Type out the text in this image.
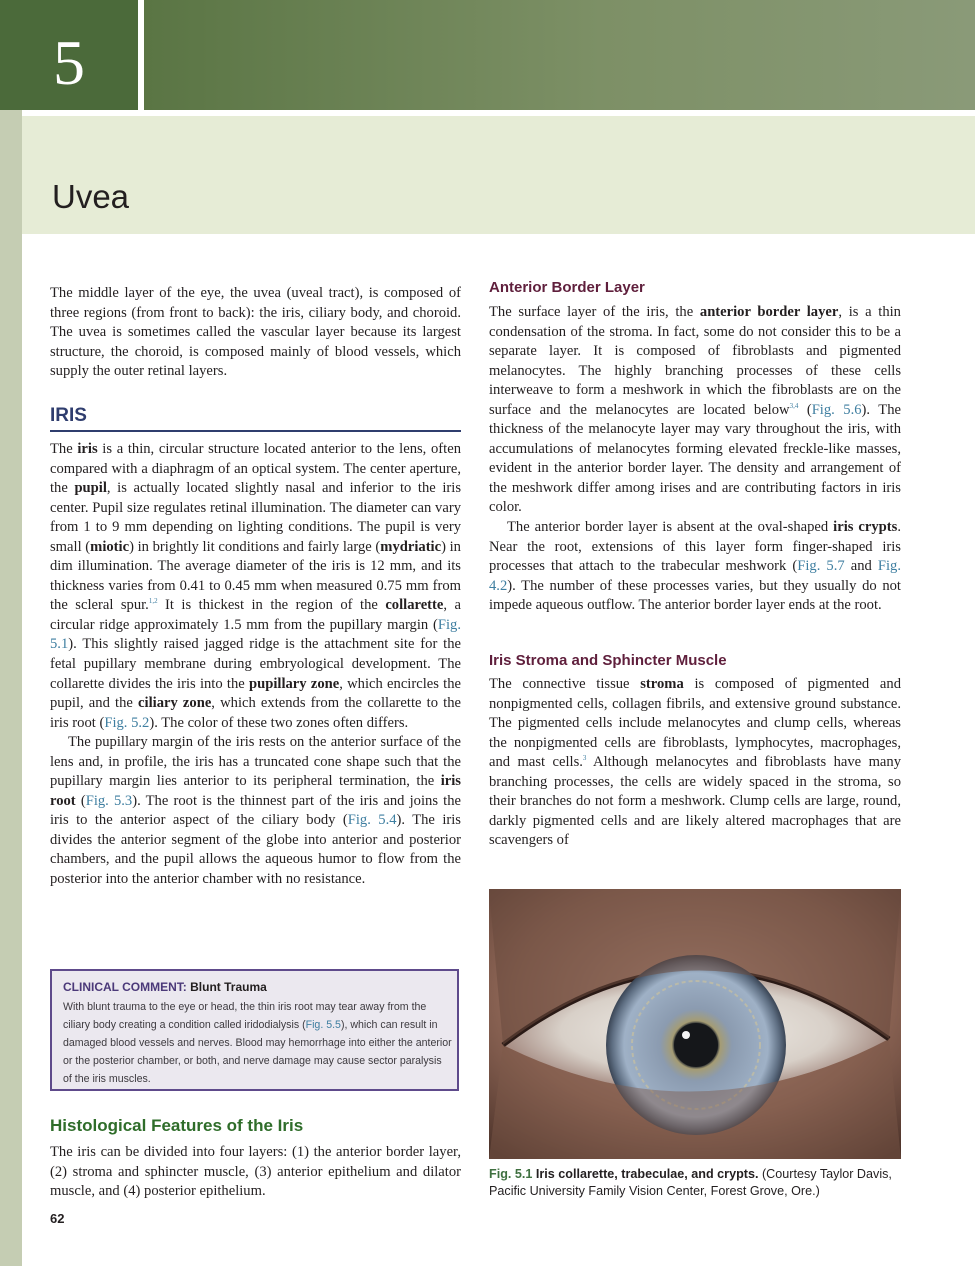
5
Uvea

The middle layer of the eye, the uvea (uveal tract), is composed of three regions (from front to back): the iris, ciliary body, and choroid. The uvea is sometimes called the vascular layer because its largest structure, the choroid, is composed mainly of blood vessels, which supply the outer retinal layers.

IRIS

The iris is a thin, circular structure located anterior to the lens, often compared with a diaphragm of an optical system. The center aperture, the pupil, is actually located slightly nasal and inferior to the iris center. Pupil size regulates retinal illumination. The diameter can vary from 1 to 9 mm depending on lighting conditions. The pupil is very small (miotic) in brightly lit conditions and fairly large (mydriatic) in dim illumination. The average diameter of the iris is 12 mm, and its thickness varies from 0.41 to 0.45 mm when measured 0.75 mm from the scleral spur.$^{1,2}$ It is thickest in the region of the collarette, a circular ridge approximately 1.5 mm from the pupillary margin (Fig. 5.1). This slightly raised jagged ridge is the attachment site for the fetal pupillary membrane during embryological development. The collarette divides the iris into the pupillary zone, which encircles the pupil, and the ciliary zone, which extends from the collarette to the iris root (Fig. 5.2). The color of these two zones often differs.

The pupillary margin of the iris rests on the anterior surface of the lens and, in profile, the iris has a truncated cone shape such that the pupillary margin lies anterior to its peripheral termination, the iris root (Fig. 5.3). The root is the thinnest part of the iris and joins the iris to the anterior aspect of the ciliary body (Fig. 5.4). The iris divides the anterior segment of the globe into anterior and posterior chambers, and the pupil allows the aqueous humor to flow from the posterior into the anterior chamber with no resistance.

CLINICAL COMMENT: Blunt Trauma
With blunt trauma to the eye or head, the thin iris root may tear away from the ciliary body creating a condition called iridodialysis (Fig. 5.5), which can result in damaged blood vessels and nerves. Blood may hemorrhage into either the anterior or the posterior chamber, or both, and nerve damage may cause sector paralysis of the iris muscles.
Histological Features of the Iris
The iris can be divided into four layers: (1) the anterior border layer, (2) stroma and sphincter muscle, (3) anterior epithelium and dilator muscle, and (4) posterior epithelium.
62
Anterior Border Layer

The surface layer of the iris, the anterior border layer, is a thin condensation of the stroma. In fact, some do not consider this to be a separate layer. It is composed of fibroblasts and pigmented melanocytes. The highly branching processes of these cells interweave to form a meshwork in which the fibroblasts are on the surface and the melanocytes are located below$^{3,4}$ (Fig. 5.6). The thickness of the melanocyte layer may vary throughout the iris, with accumulations of melanocytes forming elevated freckle-like masses, evident in the anterior border layer. The density and arrangement of the meshwork differ among irises and are contributing factors in iris color.

The anterior border layer is absent at the oval-shaped iris crypts. Near the root, extensions of this layer form finger-shaped iris processes that attach to the trabecular meshwork (Fig. 5.7 and Fig. 4.2). The number of these processes varies, but they usually do not impede aqueous outflow. The anterior border layer ends at the root.

Iris Stroma and Sphincter Muscle

The connective tissue stroma is composed of pigmented and nonpigmented cells, collagen fibrils, and extensive ground substance. The pigmented cells include melanocytes and clump cells, whereas the nonpigmented cells are fibroblasts, lymphocytes, macrophages, and mast cells.$^3$ Although melanocytes and fibroblasts have many branching processes, the cells are widely spaced in the stroma, so their branches do not form a meshwork. Clump cells are large, round, darkly pigmented cells and are likely altered macrophages that are scavengers of

Fig. 5.1 Iris collarette, trabeculae, and crypts. (Courtesy Taylor Davis, Pacific University Family Vision Center, Forest Grove, Ore.)
